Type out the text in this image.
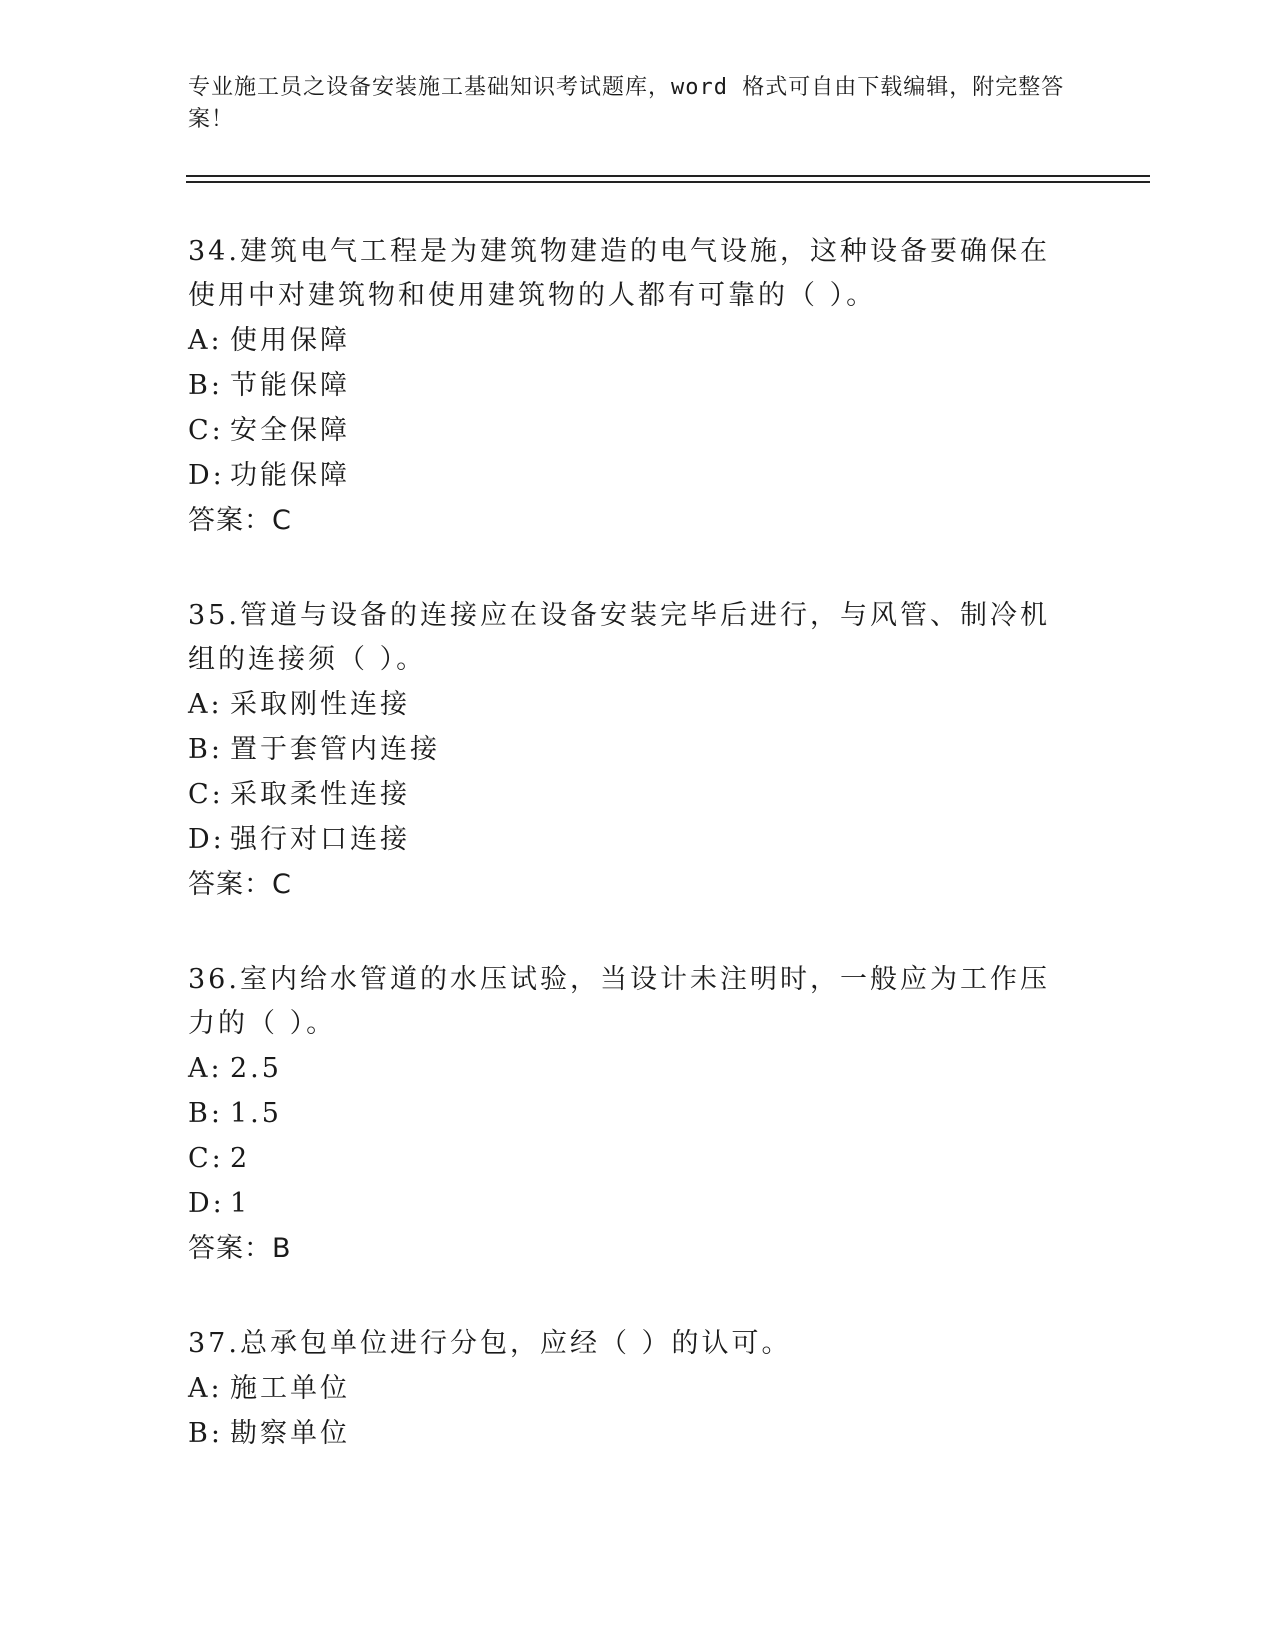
专业施工员之设备安装施工基础知识考试题库，word 格式可自由下载编辑，附完整答案！

34.建筑电气工程是为建筑物建造的电气设施，这种设备要确保在使用中对建筑物和使用建筑物的人都有可靠的（ ）。

A: 使用保障

B: 节能保障

C: 安全保障

D: 功能保障

答案：C

35.管道与设备的连接应在设备安装完毕后进行，与风管、制冷机组的连接须（ ）。

A: 采取刚性连接

B: 置于套管内连接

C: 采取柔性连接

D: 强行对口连接

答案：C

36.室内给水管道的水压试验，当设计未注明时，一般应为工作压力的（ ）。

A: 2.5

B: 1.5

C: 2

D: 1

答案：B

37.总承包单位进行分包，应经（ ）的认可。

A: 施工单位

B: 勘察单位
